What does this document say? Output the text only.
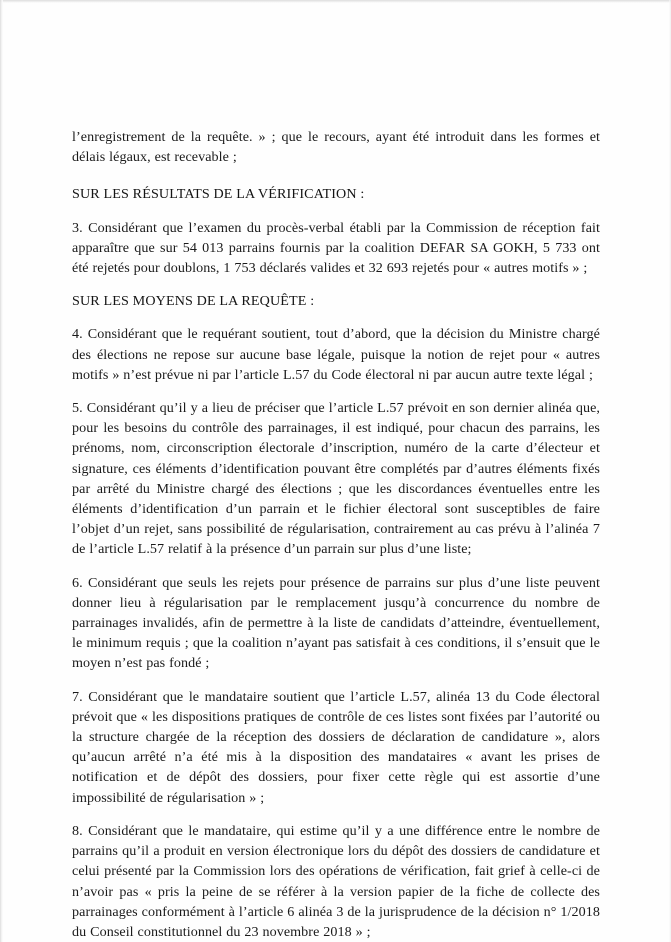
l’enregistrement de la requête. » ; que le recours, ayant été introduit dans les formes et délais légaux, est recevable ;

SUR LES RÉSULTATS DE LA VÉRIFICATION :

3. Considérant que l’examen du procès-verbal établi par la Commission de réception fait apparaître que sur 54 013 parrains fournis par la coalition DEFAR SA GOKH, 5 733 ont été rejetés pour doublons, 1 753 déclarés valides et 32 693 rejetés pour « autres motifs » ;

SUR LES MOYENS DE LA REQUÊTE :

4. Considérant que le requérant soutient, tout d’abord, que la décision du Ministre chargé des élections ne repose sur aucune base légale, puisque la notion de rejet pour « autres motifs » n’est prévue ni par l’article L.57 du Code électoral ni par aucun autre texte légal ;

5. Considérant qu’il y a lieu de préciser que l’article L.57 prévoit en son dernier alinéa que, pour les besoins du contrôle des parrainages, il est indiqué, pour chacun des parrains, les prénoms, nom, circonscription électorale d’inscription, numéro de la carte d’électeur et signature, ces éléments d’identification pouvant être complétés par d’autres éléments fixés par arrêté du Ministre chargé des élections ; que les discordances éventuelles entre les éléments d’identification d’un parrain et le fichier électoral sont susceptibles de faire l’objet d’un rejet, sans possibilité de régularisation, contrairement au cas prévu à l’alinéa 7 de l’article L.57 relatif à la présence d’un parrain sur plus d’une liste;

6. Considérant que seuls les rejets pour présence de parrains sur plus d’une liste peuvent donner lieu à régularisation par le remplacement jusqu’à concurrence du nombre de parrainages invalidés, afin de permettre à la liste de candidats d’atteindre, éventuellement, le minimum requis ; que la coalition n’ayant pas satisfait à ces conditions, il s’ensuit que le moyen n’est pas fondé ;

7. Considérant que le mandataire soutient que l’article L.57, alinéa 13 du Code électoral prévoit que « les dispositions pratiques de contrôle de ces listes sont fixées par l’autorité ou la structure chargée de la réception des dossiers de déclaration de candidature », alors qu’aucun arrêté n’a été mis à la disposition des mandataires « avant les prises de notification et de dépôt des dossiers, pour fixer cette règle qui est assortie d’une impossibilité de régularisation » ;

8. Considérant que le mandataire, qui estime qu’il y a une différence entre le nombre de parrains qu’il a produit en version électronique lors du dépôt des dossiers de candidature et celui présenté par la Commission lors des opérations de vérification, fait grief à celle-ci de n’avoir pas « pris la peine de se référer à la version papier de la fiche de collecte des parrainages conformément à l’article 6 alinéa 3 de la jurisprudence de la décision n° 1/2018 du Conseil constitutionnel du 23 novembre 2018 » ;
